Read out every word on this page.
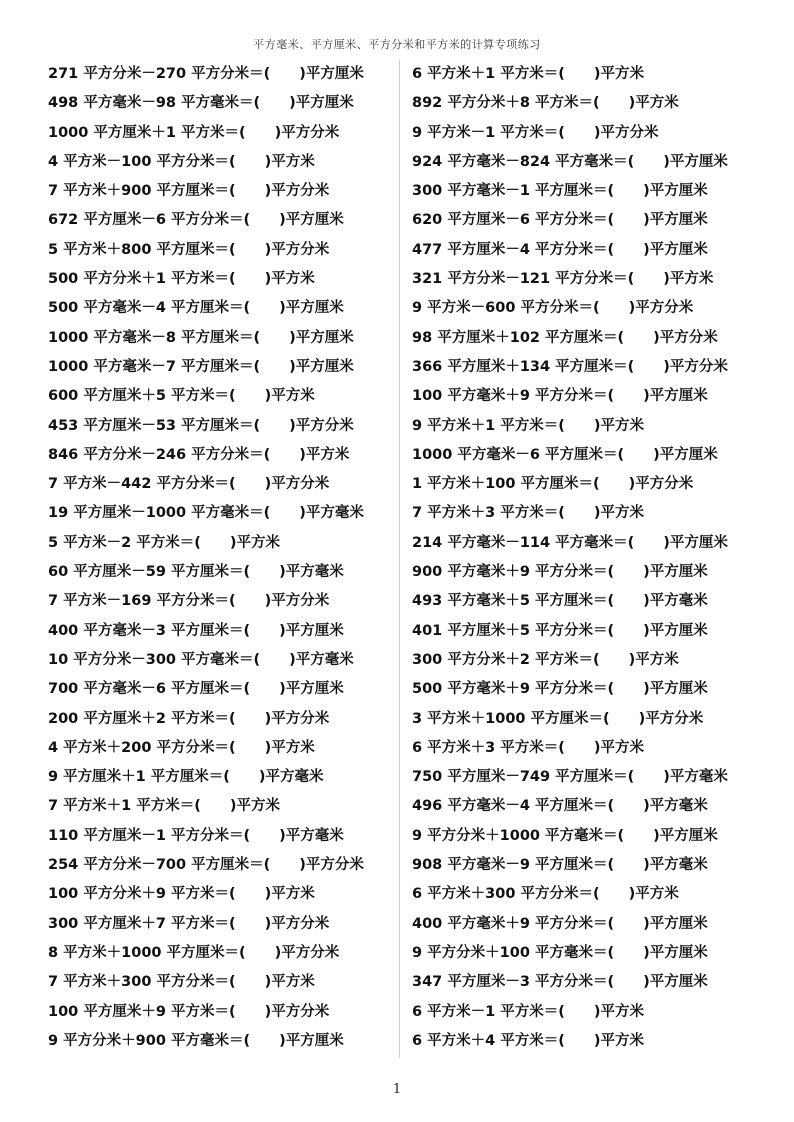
平方毫米、平方厘米、平方分米和平方米的计算专项练习
271 平方分米－270 平方分米＝(　　)平方厘米
498 平方毫米－98 平方毫米＝(　　)平方厘米
1000 平方厘米＋1 平方米＝(　　)平方分米
4 平方米－100 平方分米＝(　　)平方米
7 平方米＋900 平方厘米＝(　　)平方分米
672 平方厘米－6 平方分米＝(　　)平方厘米
5 平方米＋800 平方厘米＝(　　)平方分米
500 平方分米＋1 平方米＝(　　)平方米
500 平方毫米－4 平方厘米＝(　　)平方厘米
1000 平方毫米－8 平方厘米＝(　　)平方厘米
1000 平方毫米－7 平方厘米＝(　　)平方厘米
600 平方厘米＋5 平方米＝(　　)平方米
453 平方厘米－53 平方厘米＝(　　)平方分米
846 平方分米－246 平方分米＝(　　)平方米
7 平方米－442 平方分米＝(　　)平方分米
19 平方厘米－1000 平方毫米＝(　　)平方毫米
5 平方米－2 平方米＝(　　)平方米
60 平方厘米－59 平方厘米＝(　　)平方毫米
7 平方米－169 平方分米＝(　　)平方分米
400 平方毫米－3 平方厘米＝(　　)平方厘米
10 平方分米－300 平方毫米＝(　　)平方毫米
700 平方毫米－6 平方厘米＝(　　)平方厘米
200 平方厘米＋2 平方米＝(　　)平方分米
4 平方米＋200 平方分米＝(　　)平方米
9 平方厘米＋1 平方厘米＝(　　)平方毫米
7 平方米＋1 平方米＝(　　)平方米
110 平方厘米－1 平方分米＝(　　)平方毫米
254 平方分米－700 平方厘米＝(　　)平方分米
100 平方分米＋9 平方米＝(　　)平方米
300 平方厘米＋7 平方米＝(　　)平方分米
8 平方米＋1000 平方厘米＝(　　)平方分米
7 平方米＋300 平方分米＝(　　)平方米
100 平方厘米＋9 平方米＝(　　)平方分米
9 平方分米＋900 平方毫米＝(　　)平方厘米
6 平方米＋1 平方米＝(　　)平方米
892 平方分米＋8 平方米＝(　　)平方米
9 平方米－1 平方米＝(　　)平方分米
924 平方毫米－824 平方毫米＝(　　)平方厘米
300 平方毫米－1 平方厘米＝(　　)平方厘米
620 平方厘米－6 平方分米＝(　　)平方厘米
477 平方厘米－4 平方分米＝(　　)平方厘米
321 平方分米－121 平方分米＝(　　)平方米
9 平方米－600 平方分米＝(　　)平方分米
98 平方厘米＋102 平方厘米＝(　　)平方分米
366 平方厘米＋134 平方厘米＝(　　)平方分米
100 平方毫米＋9 平方分米＝(　　)平方厘米
9 平方米＋1 平方米＝(　　)平方米
1000 平方毫米－6 平方厘米＝(　　)平方厘米
1 平方米＋100 平方厘米＝(　　)平方分米
7 平方米＋3 平方米＝(　　)平方米
214 平方毫米－114 平方毫米＝(　　)平方厘米
900 平方毫米＋9 平方分米＝(　　)平方厘米
493 平方毫米＋5 平方厘米＝(　　)平方毫米
401 平方厘米＋5 平方分米＝(　　)平方厘米
300 平方分米＋2 平方米＝(　　)平方米
500 平方毫米＋9 平方分米＝(　　)平方厘米
3 平方米＋1000 平方厘米＝(　　)平方分米
6 平方米＋3 平方米＝(　　)平方米
750 平方厘米－749 平方厘米＝(　　)平方毫米
496 平方毫米－4 平方厘米＝(　　)平方毫米
9 平方分米＋1000 平方毫米＝(　　)平方厘米
908 平方毫米－9 平方厘米＝(　　)平方毫米
6 平方米＋300 平方分米＝(　　)平方米
400 平方毫米＋9 平方分米＝(　　)平方厘米
9 平方分米＋100 平方毫米＝(　　)平方厘米
347 平方厘米－3 平方分米＝(　　)平方厘米
6 平方米－1 平方米＝(　　)平方米
6 平方米＋4 平方米＝(　　)平方米
1
